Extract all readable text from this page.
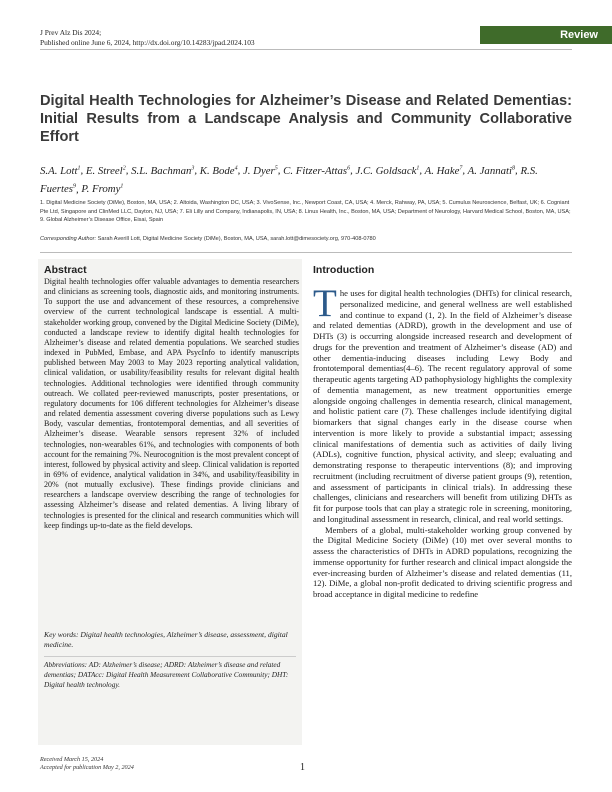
J Prev Alz Dis 2024;
Published online June 6, 2024, http://dx.doi.org/10.14283/jpad.2024.103
Review
Digital Health Technologies for Alzheimer’s Disease and Related Dementias: Initial Results from a Landscape Analysis and Community Collaborative Effort
S.A. Lott$^1$, E. Streel$^2$, S.L. Bachman$^3$, K. Bode$^4$, J. Dyer$^5$, C. Fitzer-Attas$^6$, J.C. Goldsack$^1$, A. Hake$^7$, A. Jannati$^8$, R.S. Fuertes$^9$, P. Fromy$^1$
1. Digital Medicine Society (DiMe), Boston, MA, USA; 2. Altoida, Washington DC, USA; 3. VivoSense, Inc., Newport Coast, CA, USA; 4. Merck, Rahway, PA, USA; 5. Cumulus Neuroscience, Belfast, UK; 6. Cogniant Pte Ltd, Singapore and ClinMed LLC, Dayton, NJ, USA; 7. Eli Lilly and Company, Indianapolis, IN, USA; 8. Linus Health, Inc., Boston, MA, USA; Department of Neurology, Harvard Medical School, Boston, MA, USA; 9. Global Alzheimer’s Disease Office, Eisai, Spain
Corresponding Author: Sarah Averill Lott, Digital Medicine Society (DiMe), Boston, MA, USA, sarah.lott@dimesociety.org, 970-408-0780
Abstract
Digital health technologies offer valuable advantages to dementia researchers and clinicians as screening tools, diagnostic aids, and monitoring instruments. To support the use and advancement of these resources, a comprehensive overview of the current technological landscape is essential. A multi-stakeholder working group, convened by the Digital Medicine Society (DiMe), conducted a landscape review to identify digital health technologies for Alzheimer’s disease and related dementia populations. We searched studies indexed in PubMed, Embase, and APA PsycInfo to identify manuscripts published between May 2003 to May 2023 reporting analytical validation, clinical validation, or usability/feasibility results for relevant digital health technologies. Additional technologies were identified through community outreach. We collated peer-reviewed manuscripts, poster presentations, or regulatory documents for 106 different technologies for Alzheimer’s disease and related dementia assessment covering diverse populations such as Lewy Body, vascular dementias, frontotemporal dementias, and all severities of Alzheimer’s disease. Wearable sensors represent 32% of included technologies, non-wearables 61%, and technologies with components of both account for the remaining 7%. Neurocognition is the most prevalent concept of interest, followed by physical activity and sleep. Clinical validation is reported in 69% of evidence, analytical validation in 34%, and usability/feasibility in 20% (not mutually exclusive). These findings provide clinicians and researchers a landscape overview describing the range of technologies for assessing Alzheimer’s disease and related dementias. A living library of technologies is presented for the clinical and research communities which will keep findings up-to-date as the field develops.
Key words: Digital health technologies, Alzheimer’s disease, assessment, digital medicine.
Abbreviations: AD: Alzheimer’s disease; ADRD: Alzheimer’s disease and related dementias; DATAcc: Digital Health Measurement Collaborative Community; DHT: Digital health technology.
Introduction

The uses for digital health technologies (DHTs) for clinical research, personalized medicine, and general wellness are well established and continue to expand (1, 2). In the field of Alzheimer’s disease and related dementias (ADRD), growth in the development and use of DHTs (3) is occurring alongside increased research and development of drugs for the prevention and treatment of Alzheimer’s disease (AD) and other dementia-inducing diseases including Lewy Body and frontotemporal dementias(4–6). The recent regulatory approval of some therapeutic agents targeting AD pathophysiology highlights the complexity of dementia management, as new treatment opportunities emerge alongside ongoing challenges in dementia research, clinical management, and holistic patient care (7). These challenges include identifying digital biomarkers that signal changes early in the disease course when intervention is more likely to provide a substantial impact; assessing clinical manifestations of dementia such as activities of daily living (ADLs), cognitive function, physical activity, and sleep; evaluating and demonstrating response to therapeutic interventions (8); and improving recruitment (including recruitment of diverse patient groups (9), retention, and assessment of participants in clinical trials). In addressing these challenges, clinicians and researchers will benefit from utilizing DHTs as fit for purpose tools that can play a strategic role in screening, monitoring, and longitudinal assessment in research, clinical, and real world settings.

Members of a global, multi-stakeholder working group convened by the Digital Medicine Society (DiMe) (10) met over several months to assess the characteristics of DHTs in ADRD populations, recognizing the immense opportunity for further research and clinical impact alongside the ever-increasing burden of Alzheimer’s disease and related dementias (11, 12). DiMe, a global non-profit dedicated to driving scientific progress and broad acceptance in digital medicine to redefine

Received March 15, 2024
Accepted for publication May 2, 2024	1
